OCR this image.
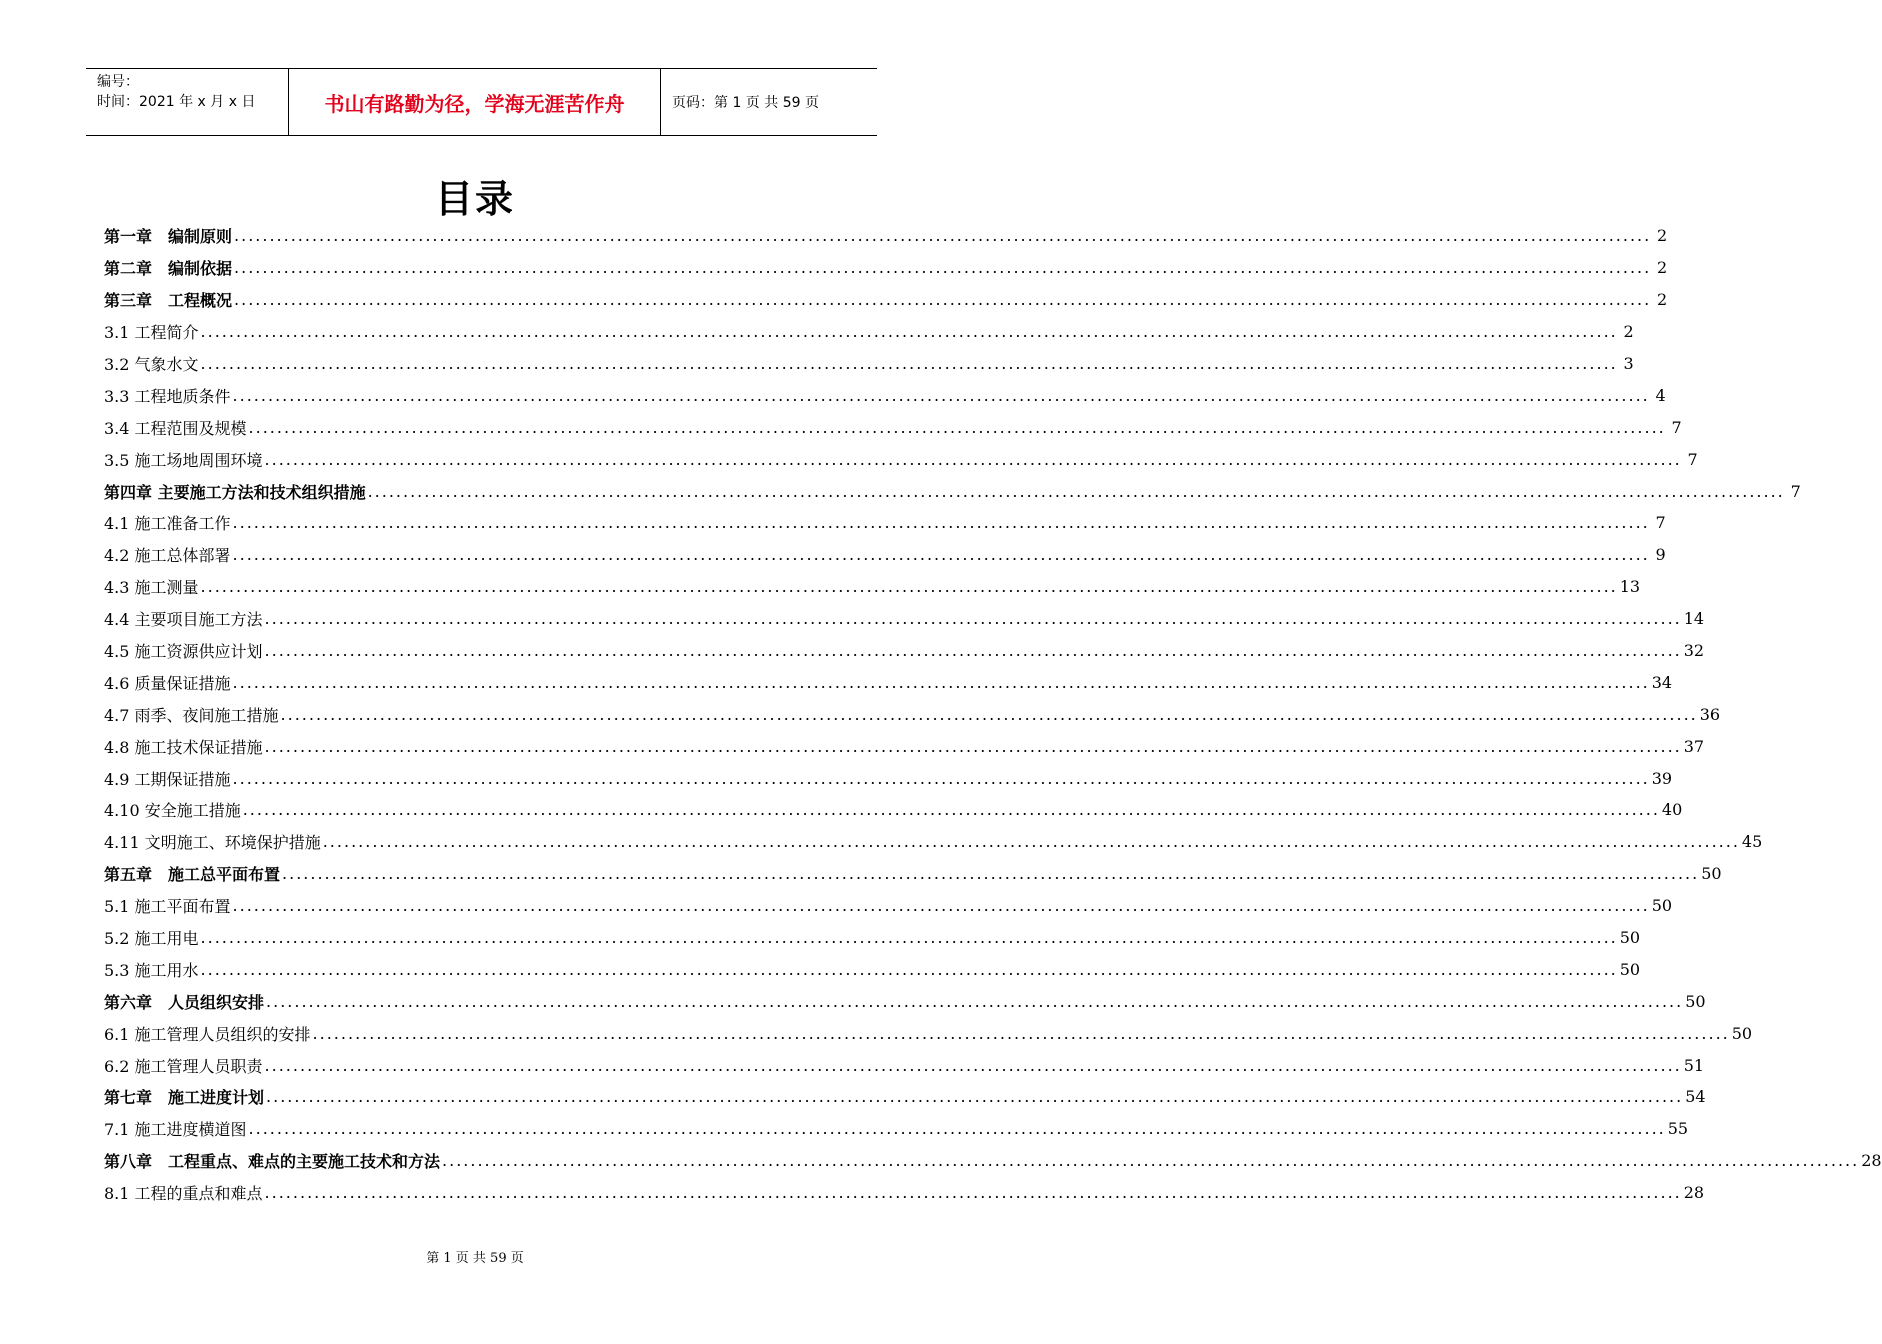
编号：
时间：2021 年 x 月 x 日	书山有路勤为径，学海无涯苦作舟	页码：第 1 页 共 59 页
目录
第一章　编制原则 ........................................................................................................................................................................................................ 2
第二章　编制依据 ........................................................................................................................................................................................................ 2
第三章　工程概况 ........................................................................................................................................................................................................ 2
3.1 工程简介 ........................................................................................................................................................................................................ 2
3.2 气象水文 ........................................................................................................................................................................................................ 3
3.3 工程地质条件 ........................................................................................................................................................................................................ 4
3.4 工程范围及规模 ........................................................................................................................................................................................................ 7
3.5 施工场地周围环境 ........................................................................................................................................................................................................ 7
第四章 主要施工方法和技术组织措施 ........................................................................................................................................................................................................ 7
4.1 施工准备工作 ........................................................................................................................................................................................................ 7
4.2 施工总体部署 ........................................................................................................................................................................................................ 9
4.3 施工测量 ........................................................................................................................................................................................................ 13
4.4 主要项目施工方法 ........................................................................................................................................................................................................ 14
4.5 施工资源供应计划 ........................................................................................................................................................................................................ 32
4.6 质量保证措施 ........................................................................................................................................................................................................ 34
4.7 雨季、夜间施工措施 ........................................................................................................................................................................................................ 36
4.8 施工技术保证措施 ........................................................................................................................................................................................................ 37
4.9 工期保证措施 ........................................................................................................................................................................................................ 39
4.10 安全施工措施 ........................................................................................................................................................................................................ 40
4.11 文明施工、环境保护措施 ........................................................................................................................................................................................................ 45
第五章　施工总平面布置 ........................................................................................................................................................................................................ 50
5.1 施工平面布置 ........................................................................................................................................................................................................ 50
5.2 施工用电 ........................................................................................................................................................................................................ 50
5.3 施工用水 ........................................................................................................................................................................................................ 50
第六章　人员组织安排 ........................................................................................................................................................................................................ 50
6.1 施工管理人员组织的安排 ........................................................................................................................................................................................................ 50
6.2 施工管理人员职责 ........................................................................................................................................................................................................ 51
第七章　施工进度计划 ........................................................................................................................................................................................................ 54
7.1 施工进度横道图 ........................................................................................................................................................................................................ 55
第八章　工程重点、难点的主要施工技术和方法 ........................................................................................................................................................................................................ 28
8.1 工程的重点和难点 ........................................................................................................................................................................................................ 28
第 1 页 共 59 页
